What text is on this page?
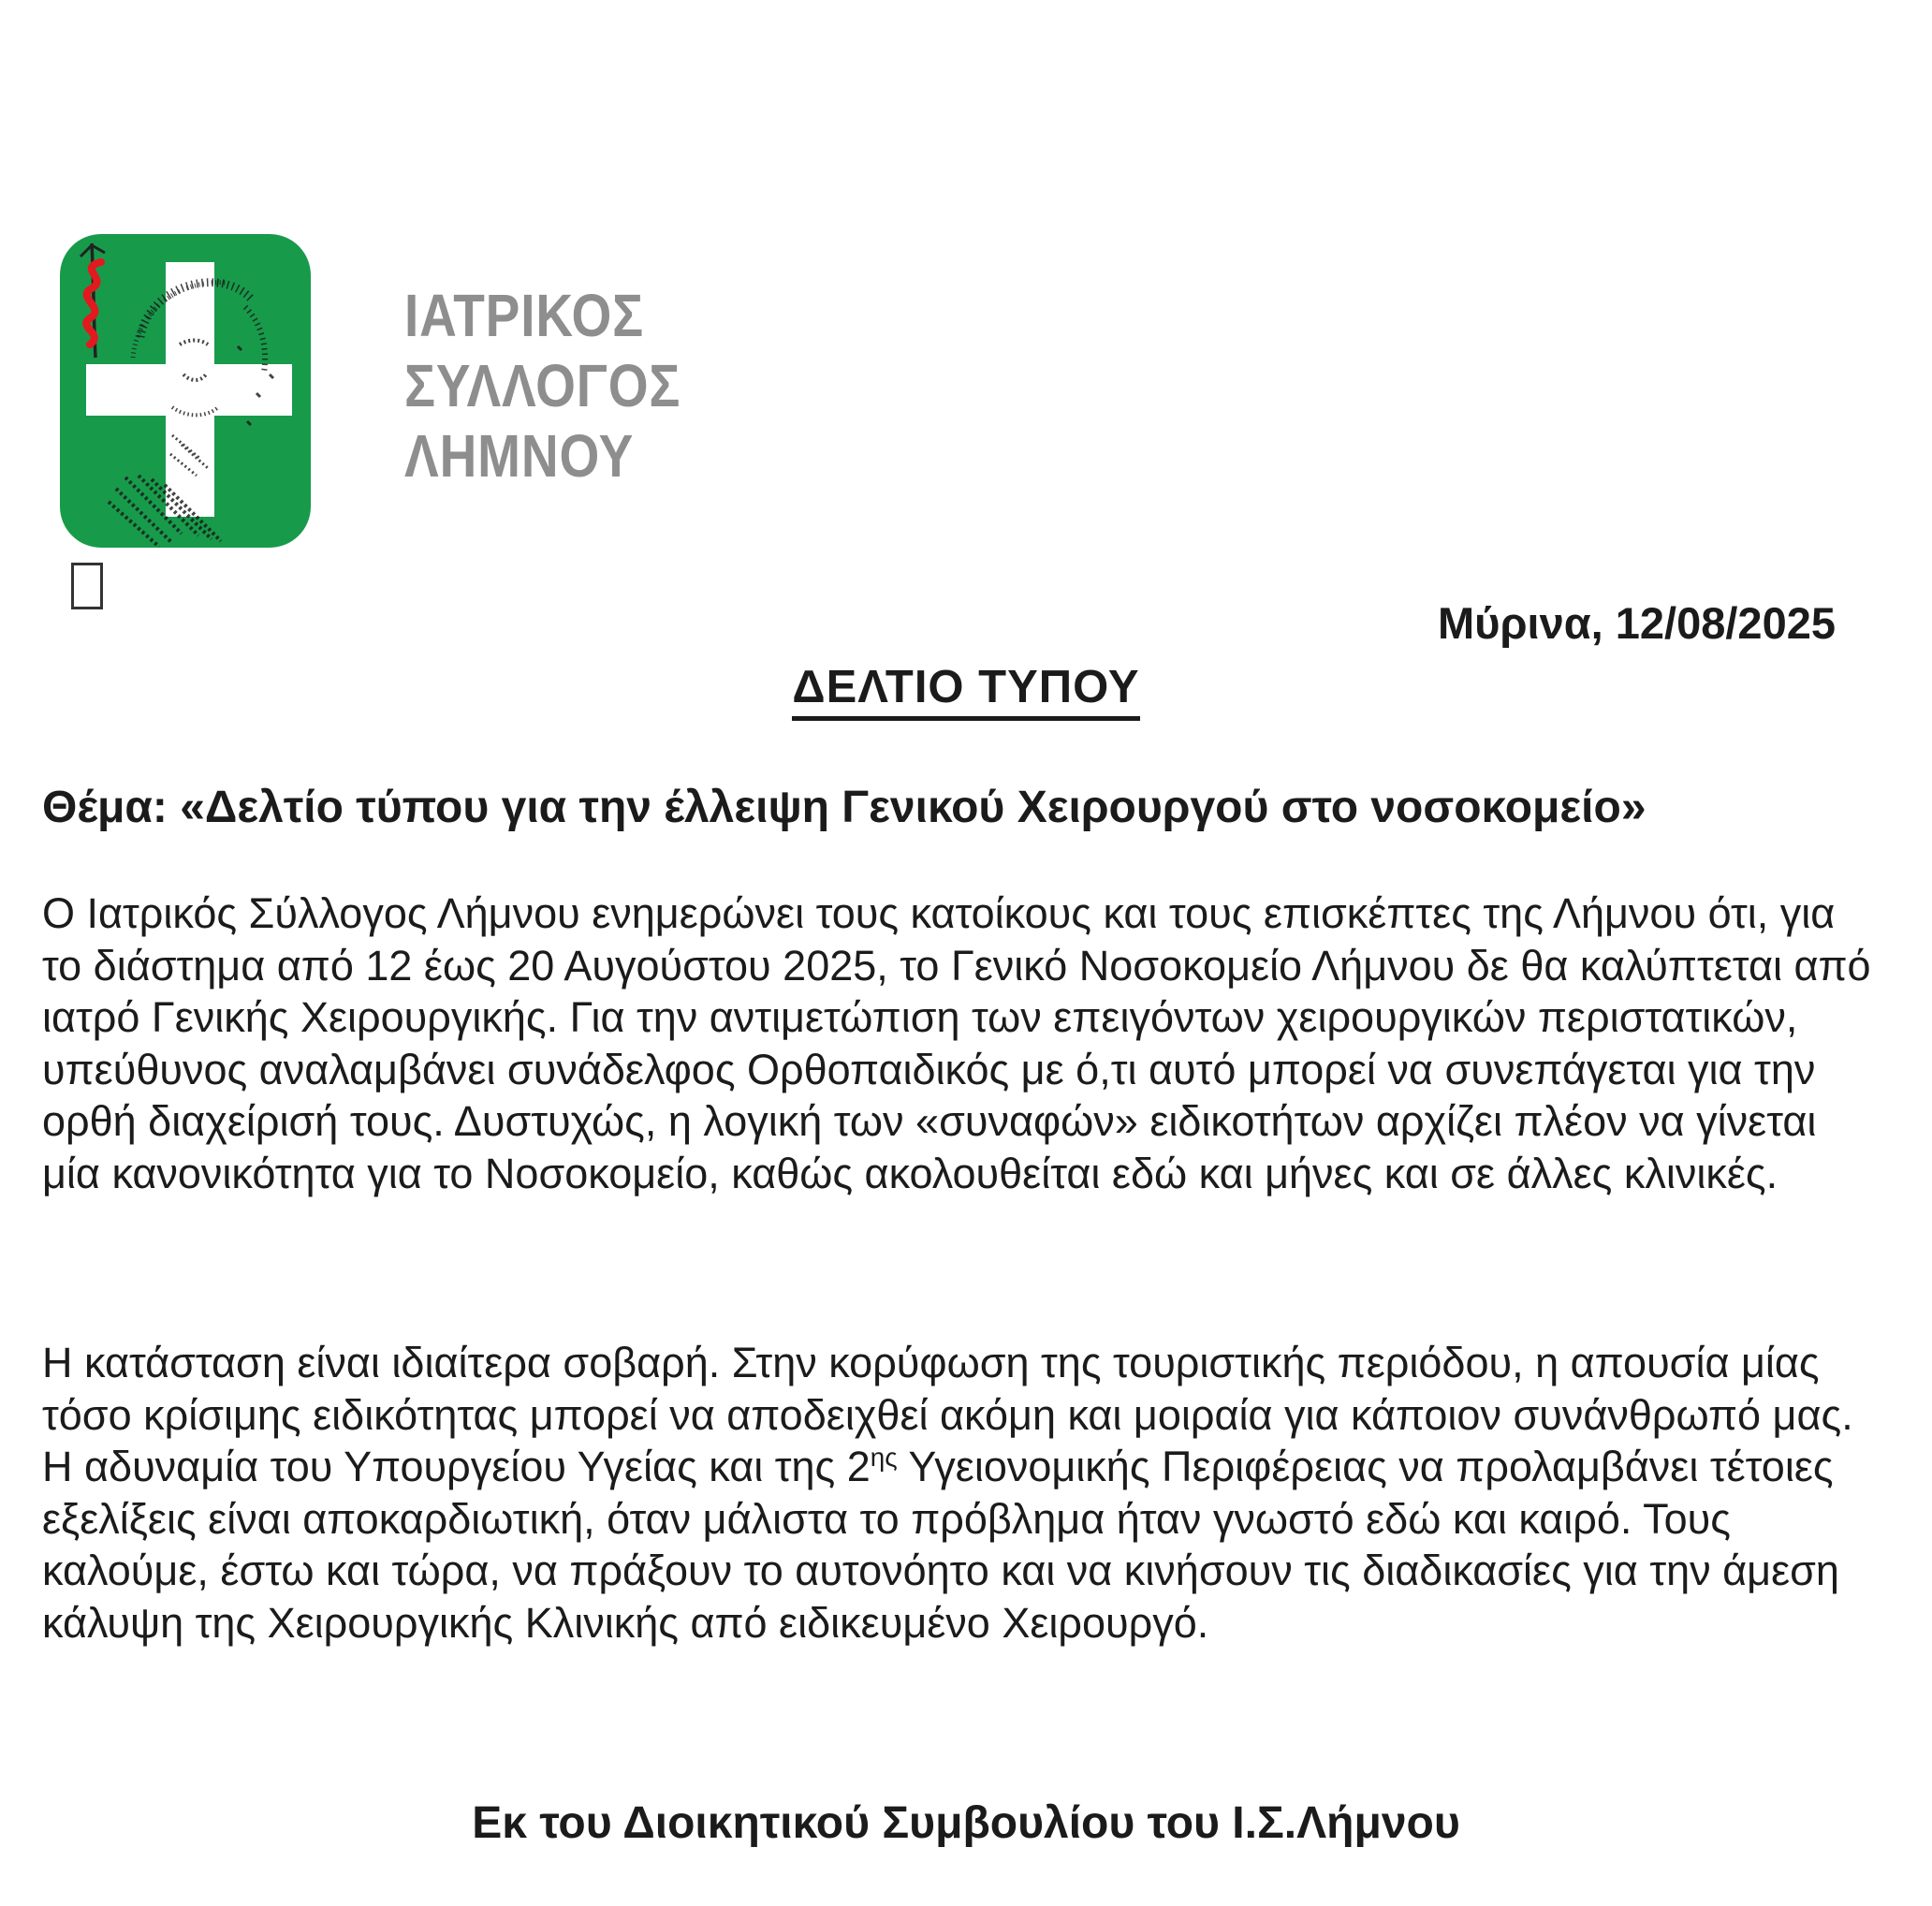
ΙΑΤΡΙΚΟΣ
ΣΥΛΛΟΓΟΣ
ΛΗΜΝΟΥ
Μύρινα, 12/08/2025
ΔΕΛΤΙΟ ΤΥΠΟΥ
Θέμα: «Δελτίο τύπου για την έλλειψη Γενικού Χειρουργού στο νοσοκομείο»

Ο Ιατρικός Σύλλογος Λήμνου ενημερώνει τους κατοίκους και τους επισκέπτες της Λήμνου ότι, για το διάστημα από 12 έως 20 Αυγούστου 2025, το Γενικό Νοσοκομείο Λήμνου δε θα καλύπτεται από ιατρό Γενικής Χειρουργικής. Για την αντιμετώπιση των επειγόντων χειρουργικών περιστατικών, υπεύθυνος αναλαμβάνει συνάδελφος Ορθοπαιδικός με ό,τι αυτό μπορεί να συνεπάγεται για την ορθή διαχείρισή τους. Δυστυχώς, η λογική των «συναφών» ειδικοτήτων αρχίζει πλέον να γίνεται μία κανονικότητα για το Νοσοκομείο, καθώς ακολουθείται εδώ και μήνες και σε άλλες κλινικές.

Η κατάσταση είναι ιδιαίτερα σοβαρή. Στην κορύφωση της τουριστικής περιόδου, η απουσία μίας τόσο κρίσιμης ειδικότητας μπορεί να αποδειχθεί ακόμη και μοιραία για κάποιον συνάνθρωπό μας. Η αδυναμία του Υπουργείου Υγείας και της $2^{\eta\varsigma}$ Υγειονομικής Περιφέρειας να προλαμβάνει τέτοιες εξελίξεις είναι αποκαρδιωτική, όταν μάλιστα το πρόβλημα ήταν γνωστό εδώ και καιρό. Τους καλούμε, έστω και τώρα, να πράξουν το αυτονόητο και να κινήσουν τις διαδικασίες για την άμεση κάλυψη της Χειρουργικής Κλινικής από ειδικευμένο Χειρουργό.

Εκ του Διοικητικού Συμβουλίου του Ι.Σ.Λήμνου
